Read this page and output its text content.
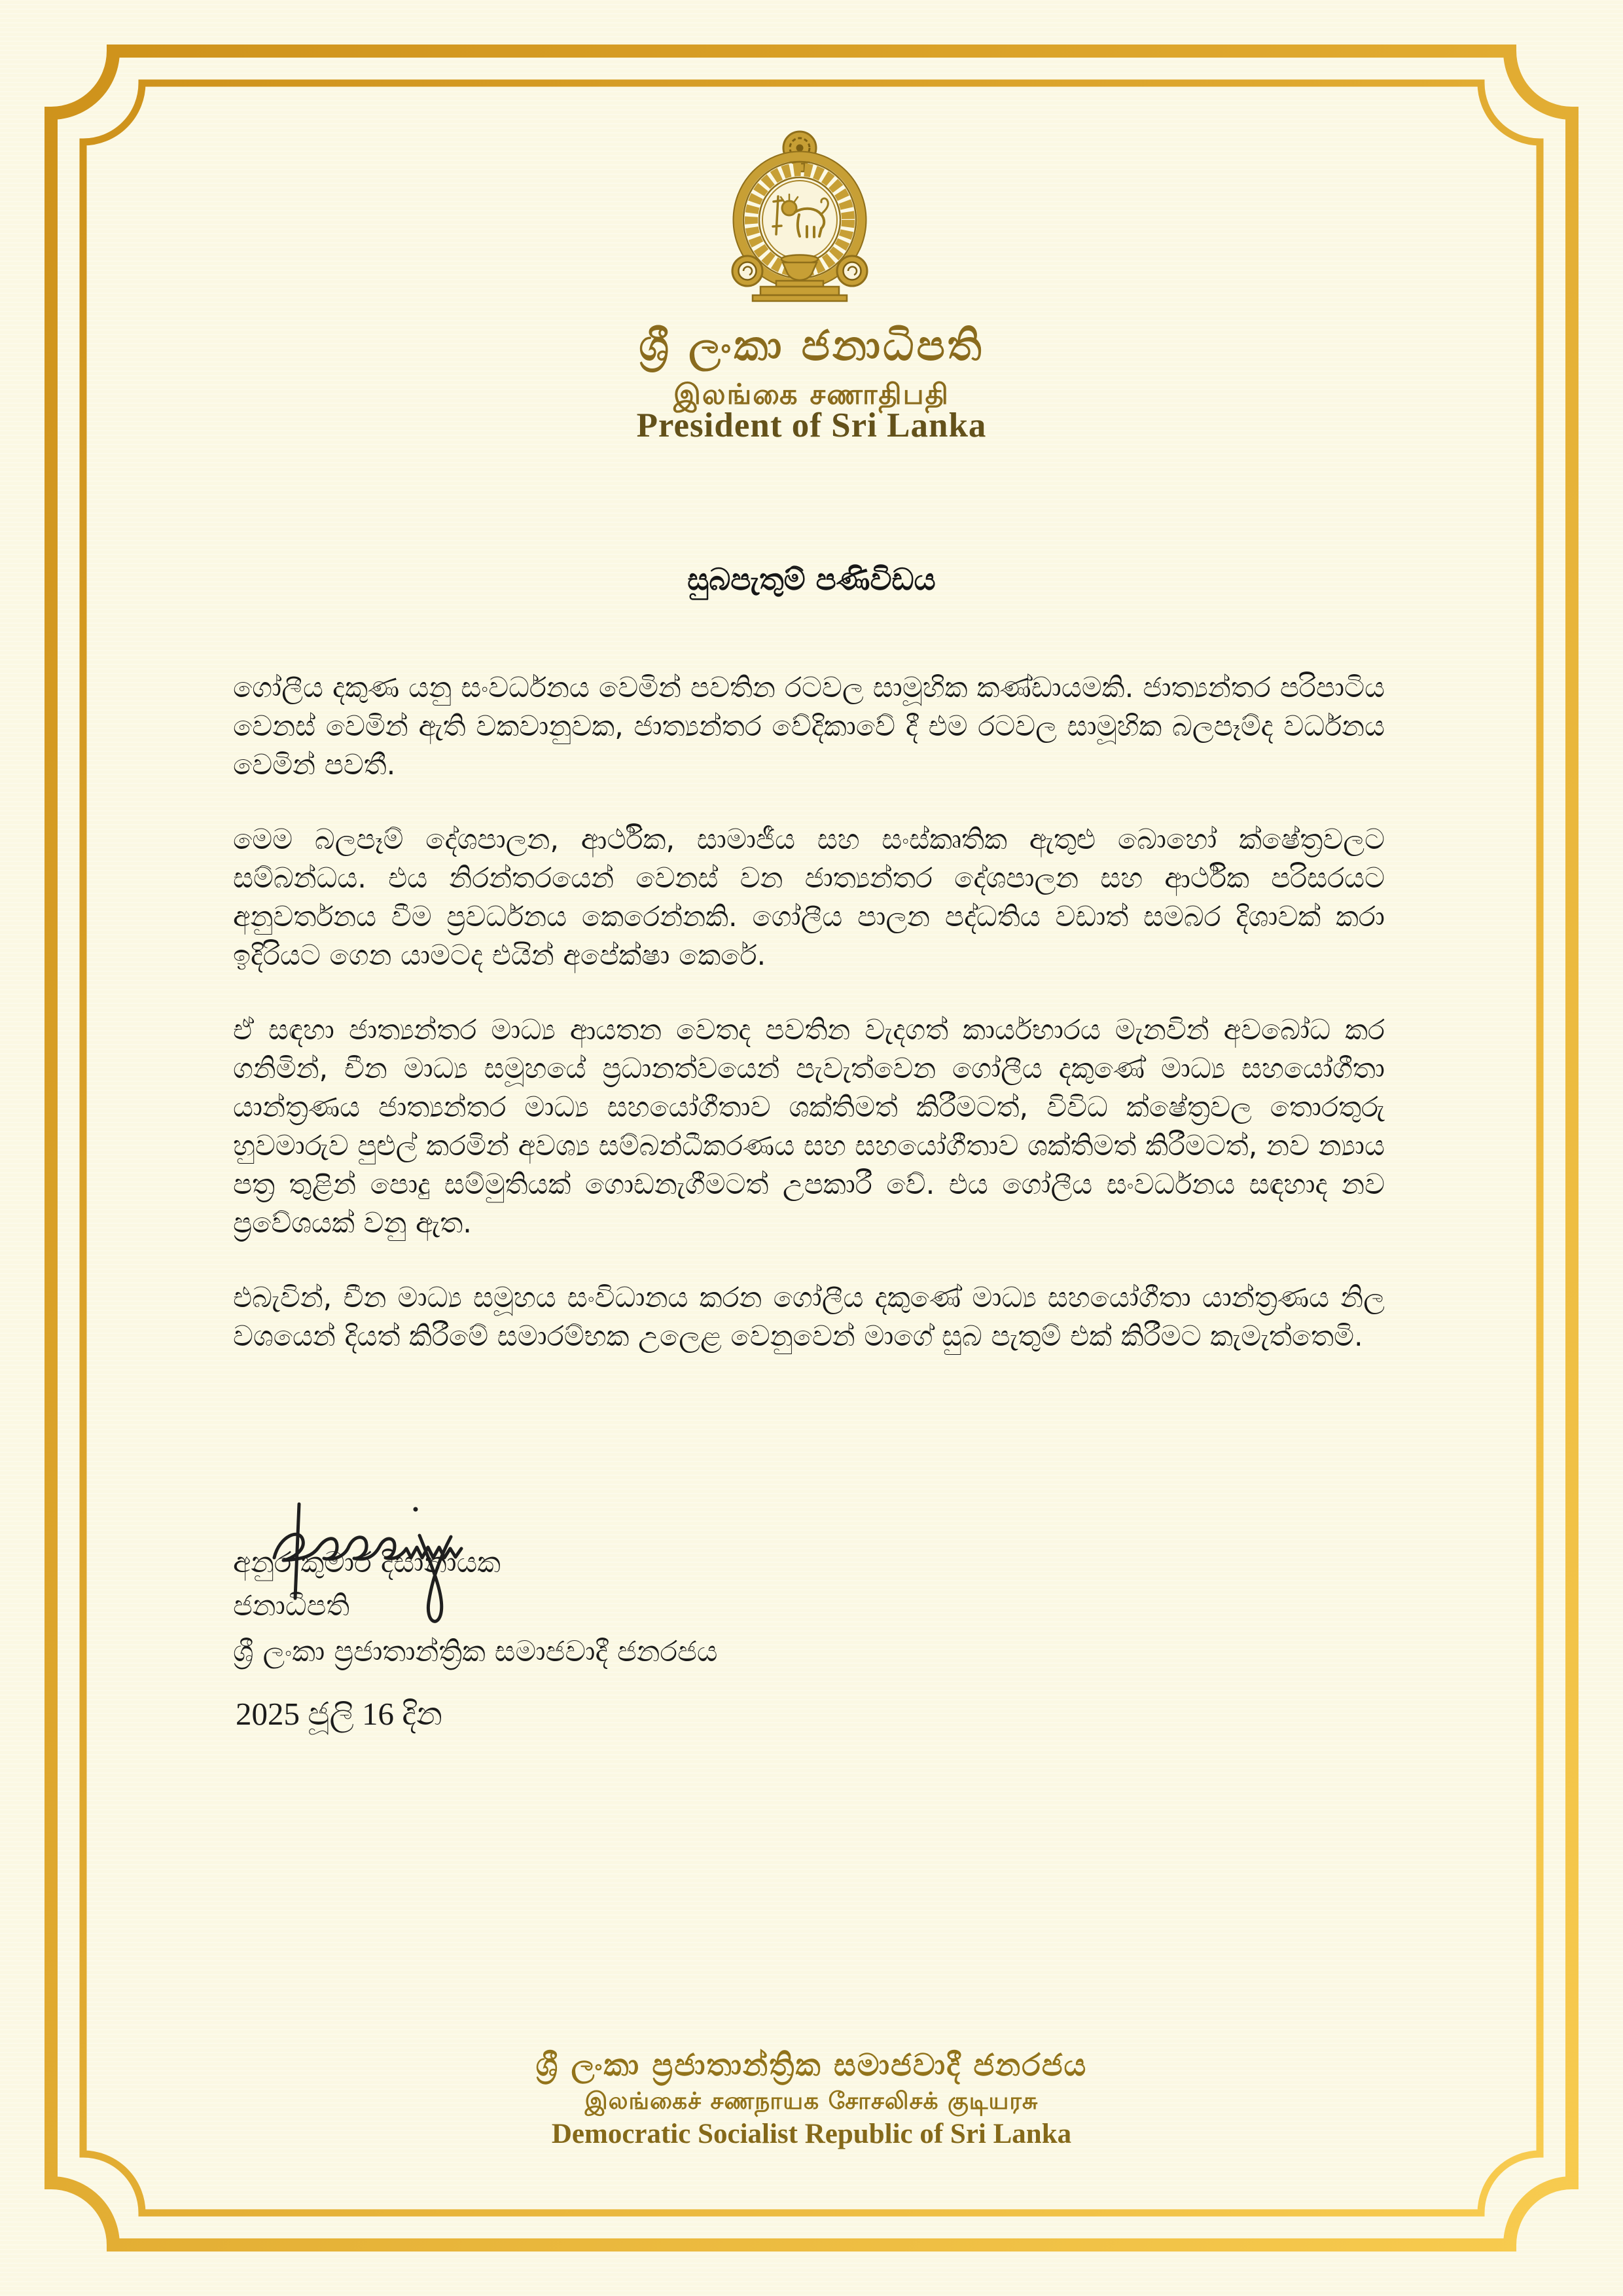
ශ්‍රී ලංකා ජනාධිපති
இலங்கை சணாதிபதி
President of Sri Lanka
සුබපැතුම් පණිවිඩය

ගෝලීය දකුණ යනු සංවර්ධනය වෙමින් පවතින රටවල සාමූහික කණ්ඩායමකි. ජාත්‍යන්තර පරිපාටිය වෙනස් වෙමින් ඇති වකවානුවක, ජාත්‍යන්තර වේදිකාවේ දී එම රටවල සාමූහික බලපෑම්ද වර්ධනය වෙමින් පවතී.

මෙම බලපෑම් දේශපාලන, ආර්ථික, සාමාජීය සහ සංස්කෘතික ඇතුළු බොහෝ ක්ෂේත්‍රවලට සම්බන්ධය. එය නිරන්තරයෙන් වෙනස් වන ජාත්‍යන්තර දේශපාලන සහ ආර්ථික පරිසරයට අනුවර්තනය වීම ප්‍රවර්ධනය කෙරෙන්නකි. ගෝලීය පාලන පද්ධතිය වඩාත් සමබර දිශාවක් කරා ඉදිරියට ගෙන යාමටද එයින් අපේක්ෂා කෙරේ.

ඒ සඳහා ජාත්‍යන්තර මාධ්‍ය ආයතන වෙතද පවතින වැදගත් කාර්යභාරය මැනවින් අවබෝධ කර ගනිමින්, චීන මාධ්‍ය සමූහයේ ප්‍රධානත්වයෙන් පැවැත්වෙන ගෝලීය දකුණේ මාධ්‍ය සහයෝගීතා යාන්ත්‍රණය ජාත්‍යන්තර මාධ්‍ය සහයෝගීතාව ශක්තිමත් කිරීමටත්, විවිධ ක්ෂේත්‍රවල තොරතුරු හුවමාරුව පුළුල් කරමින් අවශ්‍ය සම්බන්ධීකරණය සහ සහයෝගීතාව ශක්තිමත් කිරීමටත්, නව න්‍යාය පත්‍ර තුළින් පොදු සම්මුතියක් ගොඩනැගීමටත් උපකාරී වේ. එය ගෝලීය සංවර්ධනය සඳහාද නව ප්‍රවේශයක් වනු ඇත.

එබැවින්, චීන මාධ්‍ය සමූහය සංවිධානය කරන ගෝලීය දකුණේ මාධ්‍ය සහයෝගීතා යාන්ත්‍රණය නිල වශයෙන් දියත් කිරීමේ සමාරම්භක උලෙළ වෙනුවෙන් මාගේ සුබ පැතුම් එක් කිරීමට කැමැත්තෙමි.

අනුර කුමාර දිසානායක
ජනාධිපති
ශ්‍රී ලංකා ප්‍රජාතාන්ත්‍රික සමාජවාදී ජනරජය
2025 ජූලි 16 දින
ශ්‍රී ලංකා ප්‍රජාතාන්ත්‍රික සමාජවාදී ජනරජය
இலங்கைச் சணநாயக சோசலிசக் குடியரசு
Democratic Socialist Republic of Sri Lanka
